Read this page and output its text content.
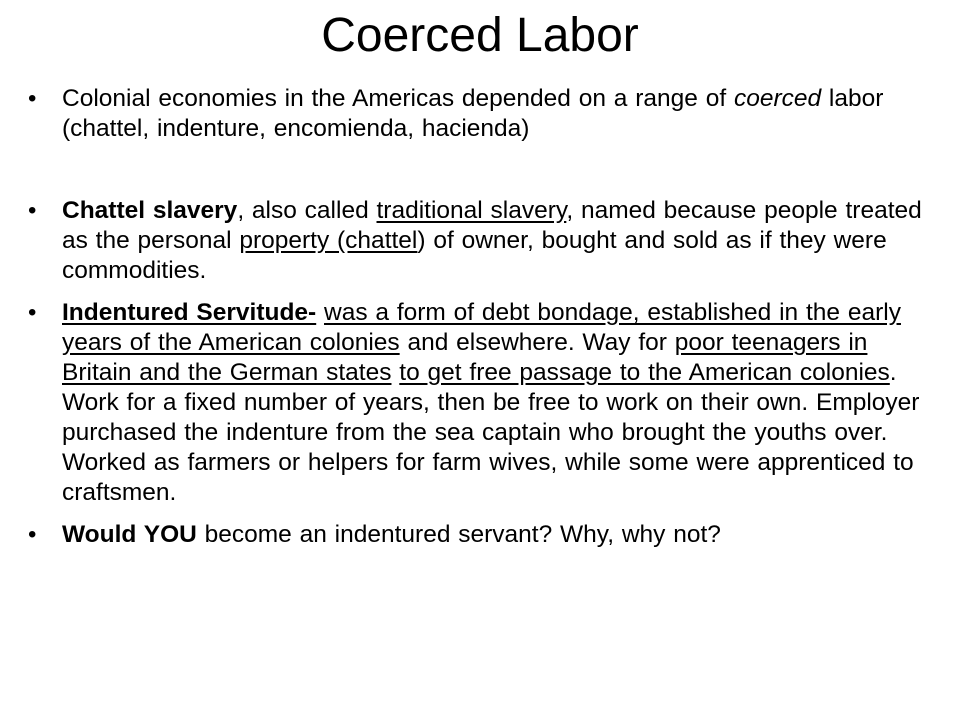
Coerced Labor
•	Colonial economies in the Americas depended on a range of coerced labor (chattel, indenture, encomienda, hacienda)
•	Chattel slavery, also called traditional slavery, named because people treated as the personal property (chattel) of owner, bought and sold as if they were commodities.
•	Indentured Servitude- was a form of debt bondage, established in the early years of the American colonies and elsewhere. Way for poor teenagers in Britain and the German states to get free passage to the American colonies. Work for a fixed number of years, then be free to work on their own. Employer purchased the indenture from the sea captain who brought the youths over. Worked as farmers or helpers for farm wives, while some were apprenticed to craftsmen.
•	Would YOU become an indentured servant? Why, why not?
